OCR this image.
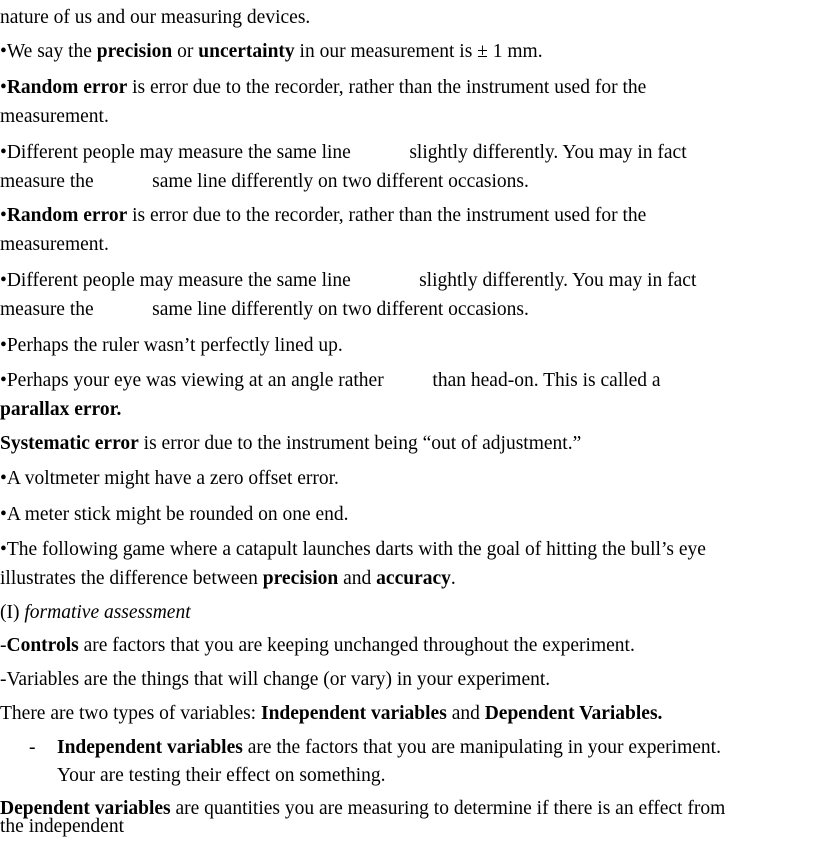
nature of us and our measuring devices.
•We say the precision or uncertainty in our measurement is ± 1 mm.
•Random error is error due to the recorder, rather than the instrument used for the
measurement.
•Different people may measure the same line            slightly differently. You may in fact
measure the            same line differently on two different occasions.
•Random error is error due to the recorder, rather than the instrument used for the
measurement.
•Different people may measure the same line              slightly differently. You may in fact
measure the            same line differently on two different occasions.
•Perhaps the ruler wasn’t perfectly lined up.
•Perhaps your eye was viewing at an angle rather          than head-on. This is called a
parallax error.
Systematic error is error due to the instrument being “out of adjustment.”
•A voltmeter might have a zero offset error.
•A meter stick might be rounded on one end.
•The following game where a catapult launches darts with the goal of hitting the bull’s eye
illustrates the difference between precision and accuracy.
(I) formative assessment
-Controls are factors that you are keeping unchanged throughout the experiment.
-Variables are the things that will change (or vary) in your experiment.
There are two types of variables: Independent variables and Dependent Variables.
- Independent variables are the factors that you are manipulating in your experiment.
Your are testing their effect on something.
Dependent variables are quantities you are measuring to determine if there is an effect from
the independent
